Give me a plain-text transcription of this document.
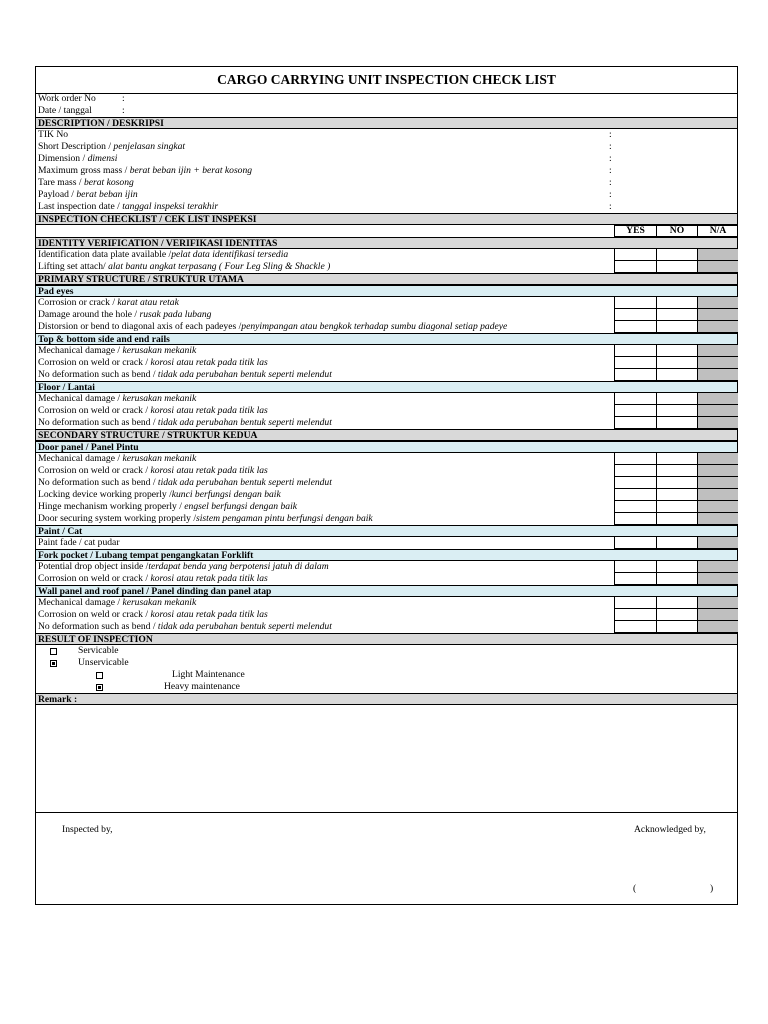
CARGO CARRYING UNIT INSPECTION CHECK LIST
Work order No	:
Date / tanggal	:
DESCRIPTION / DESKRIPSI
TIK No	:
Short Description / penjelasan singkat	:
Dimension / dimensi	:
Maximum gross mass / berat beban ijin + berat kosong	:
Tare mass / berat kosong	:
Payload / berat beban ijin	:
Last inspection date / tanggal inspeksi terakhir	:
INSPECTION CHECKLIST / CEK LIST INSPEKSI
YES	NO	N/A
IDENTITY VERIFICATION / VERIFIKASI IDENTITAS
Identification data plate available /pelat data identifikasi tersedia
Lifting set attach/ alat bantu angkat terpasang ( Four Leg Sling & Shackle )
PRIMARY STRUCTURE / STRUKTUR UTAMA
Pad eyes
Corrosion or crack / karat atau retak
Damage around the hole / rusak pada lubang
Distorsion or bend to diagonal axis of each padeyes /penyimpangan atau bengkok terhadap sumbu diagonal setiap padeye
Top & bottom side and end rails
Mechanical damage / kerusakan mekanik
Corrosion on weld or crack / korosi atau retak pada titik las
No deformation such as bend / tidak ada perubahan bentuk seperti melendut
Floor / Lantai
Mechanical damage / kerusakan mekanik
Corrosion on weld or crack / korosi atau retak pada titik las
No deformation such as bend / tidak ada perubahan bentuk seperti melendut
SECONDARY STRUCTURE / STRUKTUR KEDUA
Door panel / Panel Pintu
Mechanical damage / kerusakan mekanik
Corrosion on weld or crack / korosi atau retak pada titik las
No deformation such as bend / tidak ada perubahan bentuk seperti melendut
Locking device working properly /kunci berfungsi dengan baik
Hinge mechanism working properly / engsel berfungsi dengan baik
Door securing system working properly /sistem pengaman pintu berfungsi dengan baik
Paint / Cat
Paint fade / cat pudar
Fork pocket / Lubang tempat pengangkatan Forklift
Potential drop object inside /terdapat benda yang berpotensi jatuh di dalam
Corrosion on weld or crack / korosi atau retak pada titik las
Wall panel and roof panel / Panel dinding dan panel atap
Mechanical damage / kerusakan mekanik
Corrosion on weld or crack / korosi atau retak pada titik las
No deformation such as bend / tidak ada perubahan bentuk seperti melendut
RESULT OF INSPECTION
Servicable
Unservicable
Light Maintenance
Heavy maintenance
Remark :
Inspected by,	Acknowledged by,
(	)
